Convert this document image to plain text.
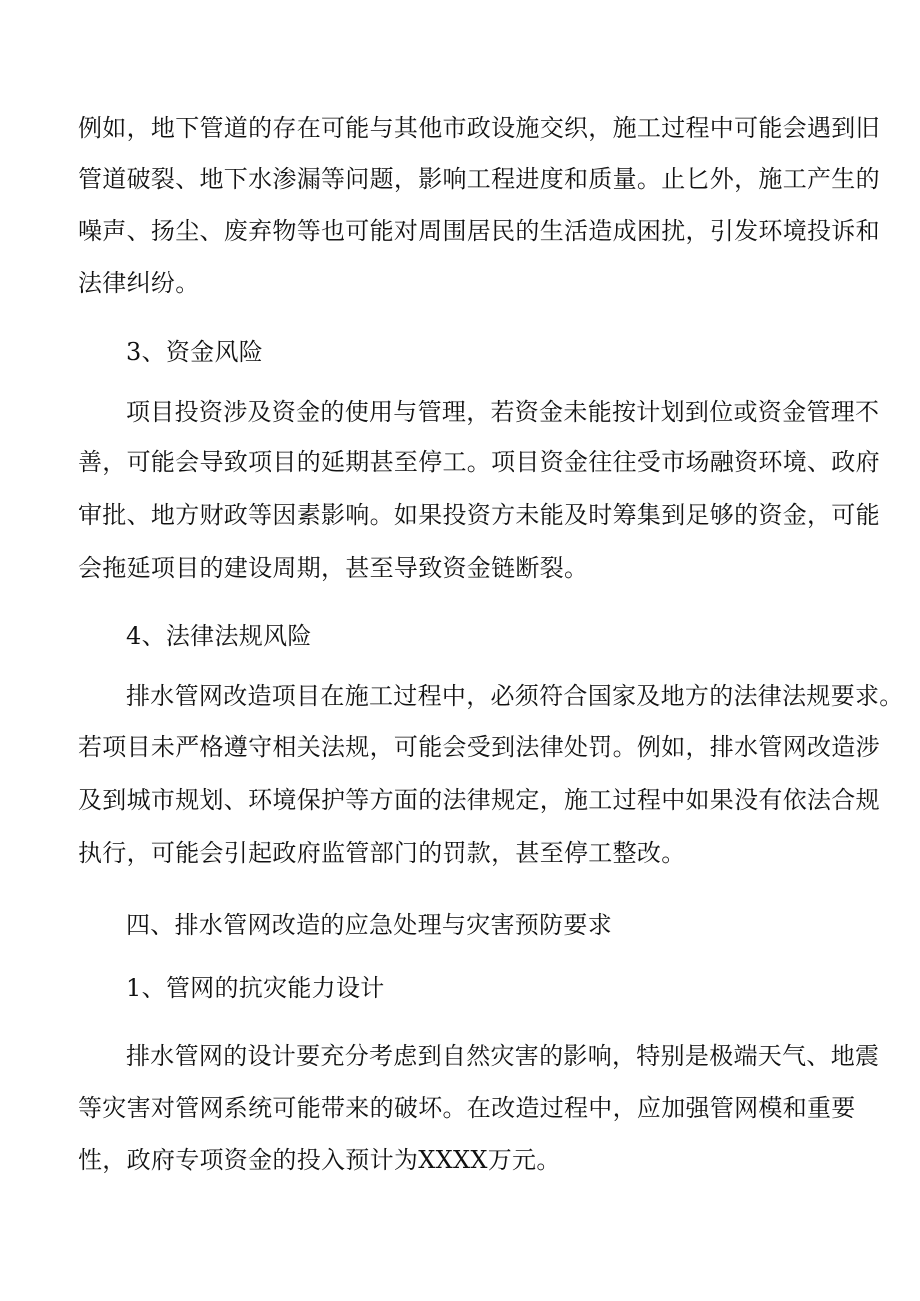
例如，地下管道的存在可能与其他市政设施交织，施工过程中可能会遇到旧
管道破裂、地下水渗漏等问题，影响工程进度和质量。止匕外，施工产生的
噪声、扬尘、废弃物等也可能对周围居民的生活造成困扰，引发环境投诉和
法律纠纷。
3、资金风险
项目投资涉及资金的使用与管理，若资金未能按计划到位或资金管理不
善，可能会导致项目的延期甚至停工。项目资金往往受市场融资环境、政府
审批、地方财政等因素影响。如果投资方未能及时筹集到足够的资金，可能
会拖延项目的建设周期，甚至导致资金链断裂。
4、法律法规风险
排水管网改造项目在施工过程中，必须符合国家及地方的法律法规要求。
若项目未严格遵守相关法规，可能会受到法律处罚。例如，排水管网改造涉
及到城市规划、环境保护等方面的法律规定，施工过程中如果没有依法合规
执行，可能会引起政府监管部门的罚款，甚至停工整改。
四、排水管网改造的应急处理与灾害预防要求
1、管网的抗灾能力设计
排水管网的设计要充分考虑到自然灾害的影响，特别是极端天气、地震
等灾害对管网系统可能带来的破坏。在改造过程中，应加强管网模和重要
性，政府专项资金的投入预计为XXXX万元。
